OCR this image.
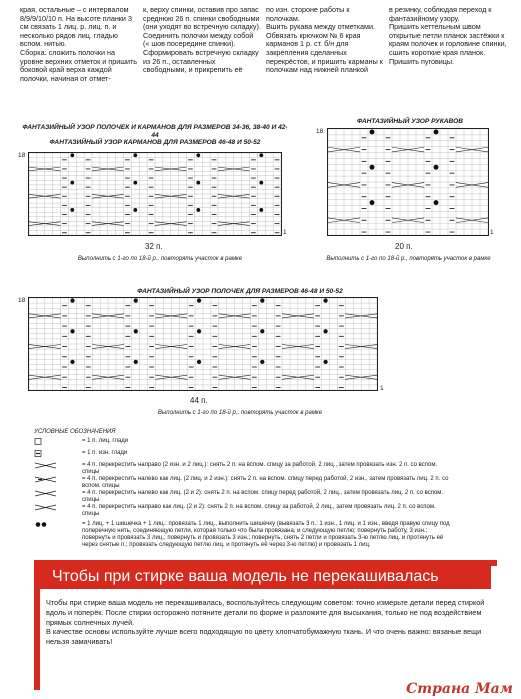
края, остальные – с интервалом 8/9/9/10/10 п. На высоте планки 3 см связать 1 лиц. р. лиц. п. и несколько рядов лиц. гладью вспом. нитью.
Сборка: сложить полочки на уровне верхних отметок и пришить боковой край верха каждой полочки, начиная от отмет-
к, верху спинки, оставив про запас среднюю 26 п. спинки свободными (они уходят во встречную складку).
Соединить полочки между собой (« шов посередине спинки).
Сформировать встречную складку из 26 п., оставленных свободными, и прикрепить её
по изн. стороне работы к полочкам.
Вшить рукава между отметками.
Обвязать крючком № 6 края карманов 1 р. ст. б/н для закрепления сделанных перекрёстов, и пришить карманы к полочкам над нижней планкой
в резинку, соблюдая переход к фантазийному узору.
Пришить кеттельным швом открытые петли планок застёжки к краям полочек и горловине спинки, сшить короткие края планок. Пришить пуговицы.
ФАНТАЗИЙНЫЙ УЗОР ПОЛОЧЕК И КАРМАНОВ ДЛЯ РАЗМЕРОВ 34-36, 38-40 И 42-44
ФАНТАЗИЙНЫЙ УЗОР КАРМАНОВ ДЛЯ РАЗМЕРОВ 46-48 И 50-52
18
1
32 п.
Выполнить с 1-го по 18-й р., повторять участок в рамке
ФАНТАЗИЙНЫЙ УЗОР РУКАВОВ
18
1
20 п.
Выполнить с 1-го по 18-й р., повторять участок в рамке
ФАНТАЗИЙНЫЙ УЗОР ПОЛОЧЕК ДЛЯ РАЗМЕРОВ 46-48 И 50-52
18
1
44 п.
Выполнить с 1-го по 18-й р., повторять участок в рамке
УСЛОВНЫЕ ОБОЗНАЧЕНИЯ
= 1 п. лиц. глади
= 1 п. изн. глади
= 4 п. перекрестить направо (2 изн. и 2 лиц.): снять 2 п. на вспом. спицу за работой, 2 лиц., затем провязать изн. 2 п. со вспом. спицы
= 4 п. перекрестить налево как лиц. (2 лиц. и 2 изн.): снять 2 п. на вспом. спицу перед работой, 2 изн., затем провязать лиц. 2 п. со вспом. спицы
= 4 п. перекрестить налево как лиц. (2 и 2): снять 2 п. на вспом. спицу перед работой, 2 лиц., затем провязать лиц. 2 п. со вспом. спицы
= 4 п. перекрестить направо как лиц. (2 и 2): снять 2 п. на вспом. спицу за работой, 2 лиц., затем провязать лиц. 2 п. со вспом. спицы
= 1 лиц. + 1 шишечка + 1 лиц.: провязать 1 лиц., выполнить шишечку (вывязать 3 п.: 1 изн., 1 лиц. и 1 изн., введя правую спицу под поперечную нить, соединяющую петли, которая только что была провязана, и следующую петлю; повернуть работу, 3 изн.; повернуть и провязать 3 лиц.; повернуть и провязать 3 изн.; повернуть, снять 2 петли и провязать 3-ю петлю лиц. и протянуть её через снятые п.; провязать следующую петлю лиц. и протянуть её через 3-ю петлю) и провязать 1 лиц.
Чтобы при стирке ваша модель не перекашивалась
Чтобы при стирке ваша модель не перекашивалась, воспользуйтесь следующим советом: точно измерьте детали перед стиркой вдоль и поперёк. После стирки осторожно потяните детали по форме и разложите для высыхания, только не под воздействием прямых солнечных лучей.
В качестве основы используйте лучше всего подходящую по цвету хлопчатобумажную ткань. И что очень важно: вязаные вещи нельзя замачивать!
Страна Мам
